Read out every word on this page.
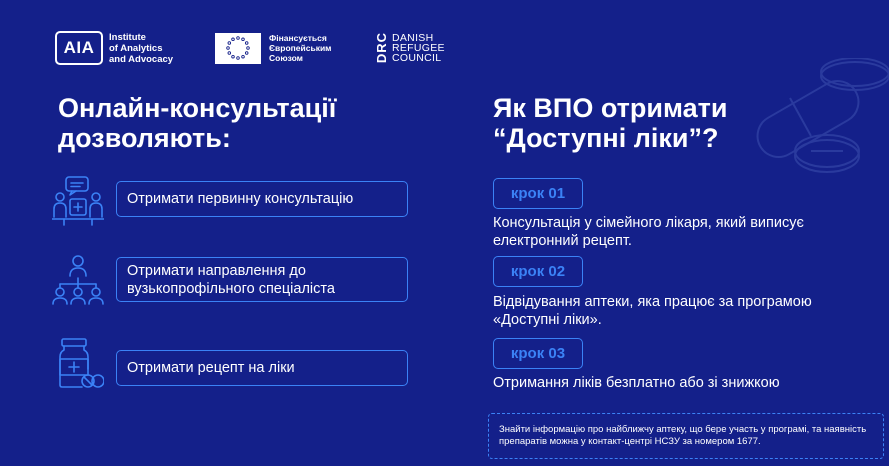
AIA
Institute
of Analytics
and Advocacy
Фінансується
Європейським
Союзом	DRC DANISH
REFUGEE
COUNCIL
Онлайн-консультації дозволяють:
Отримати первинну консультацію
Отримати направлення до вузькопрофільного спеціаліста
Отримати рецепт на ліки
Як ВПО отримати “Доступні ліки”?
крок 01
Консультація у сімейного лікаря, який виписує електронний рецепт.
крок 02
Відвідування аптеки, яка працює за програмою «Доступні ліки».
крок 03
Отримання ліків безплатно або зі знижкою
Знайти інформацію про найближчу аптеку, що бере участь у програмі, та наявність препаратів можна у контакт-центрі НСЗУ за номером 1677.
